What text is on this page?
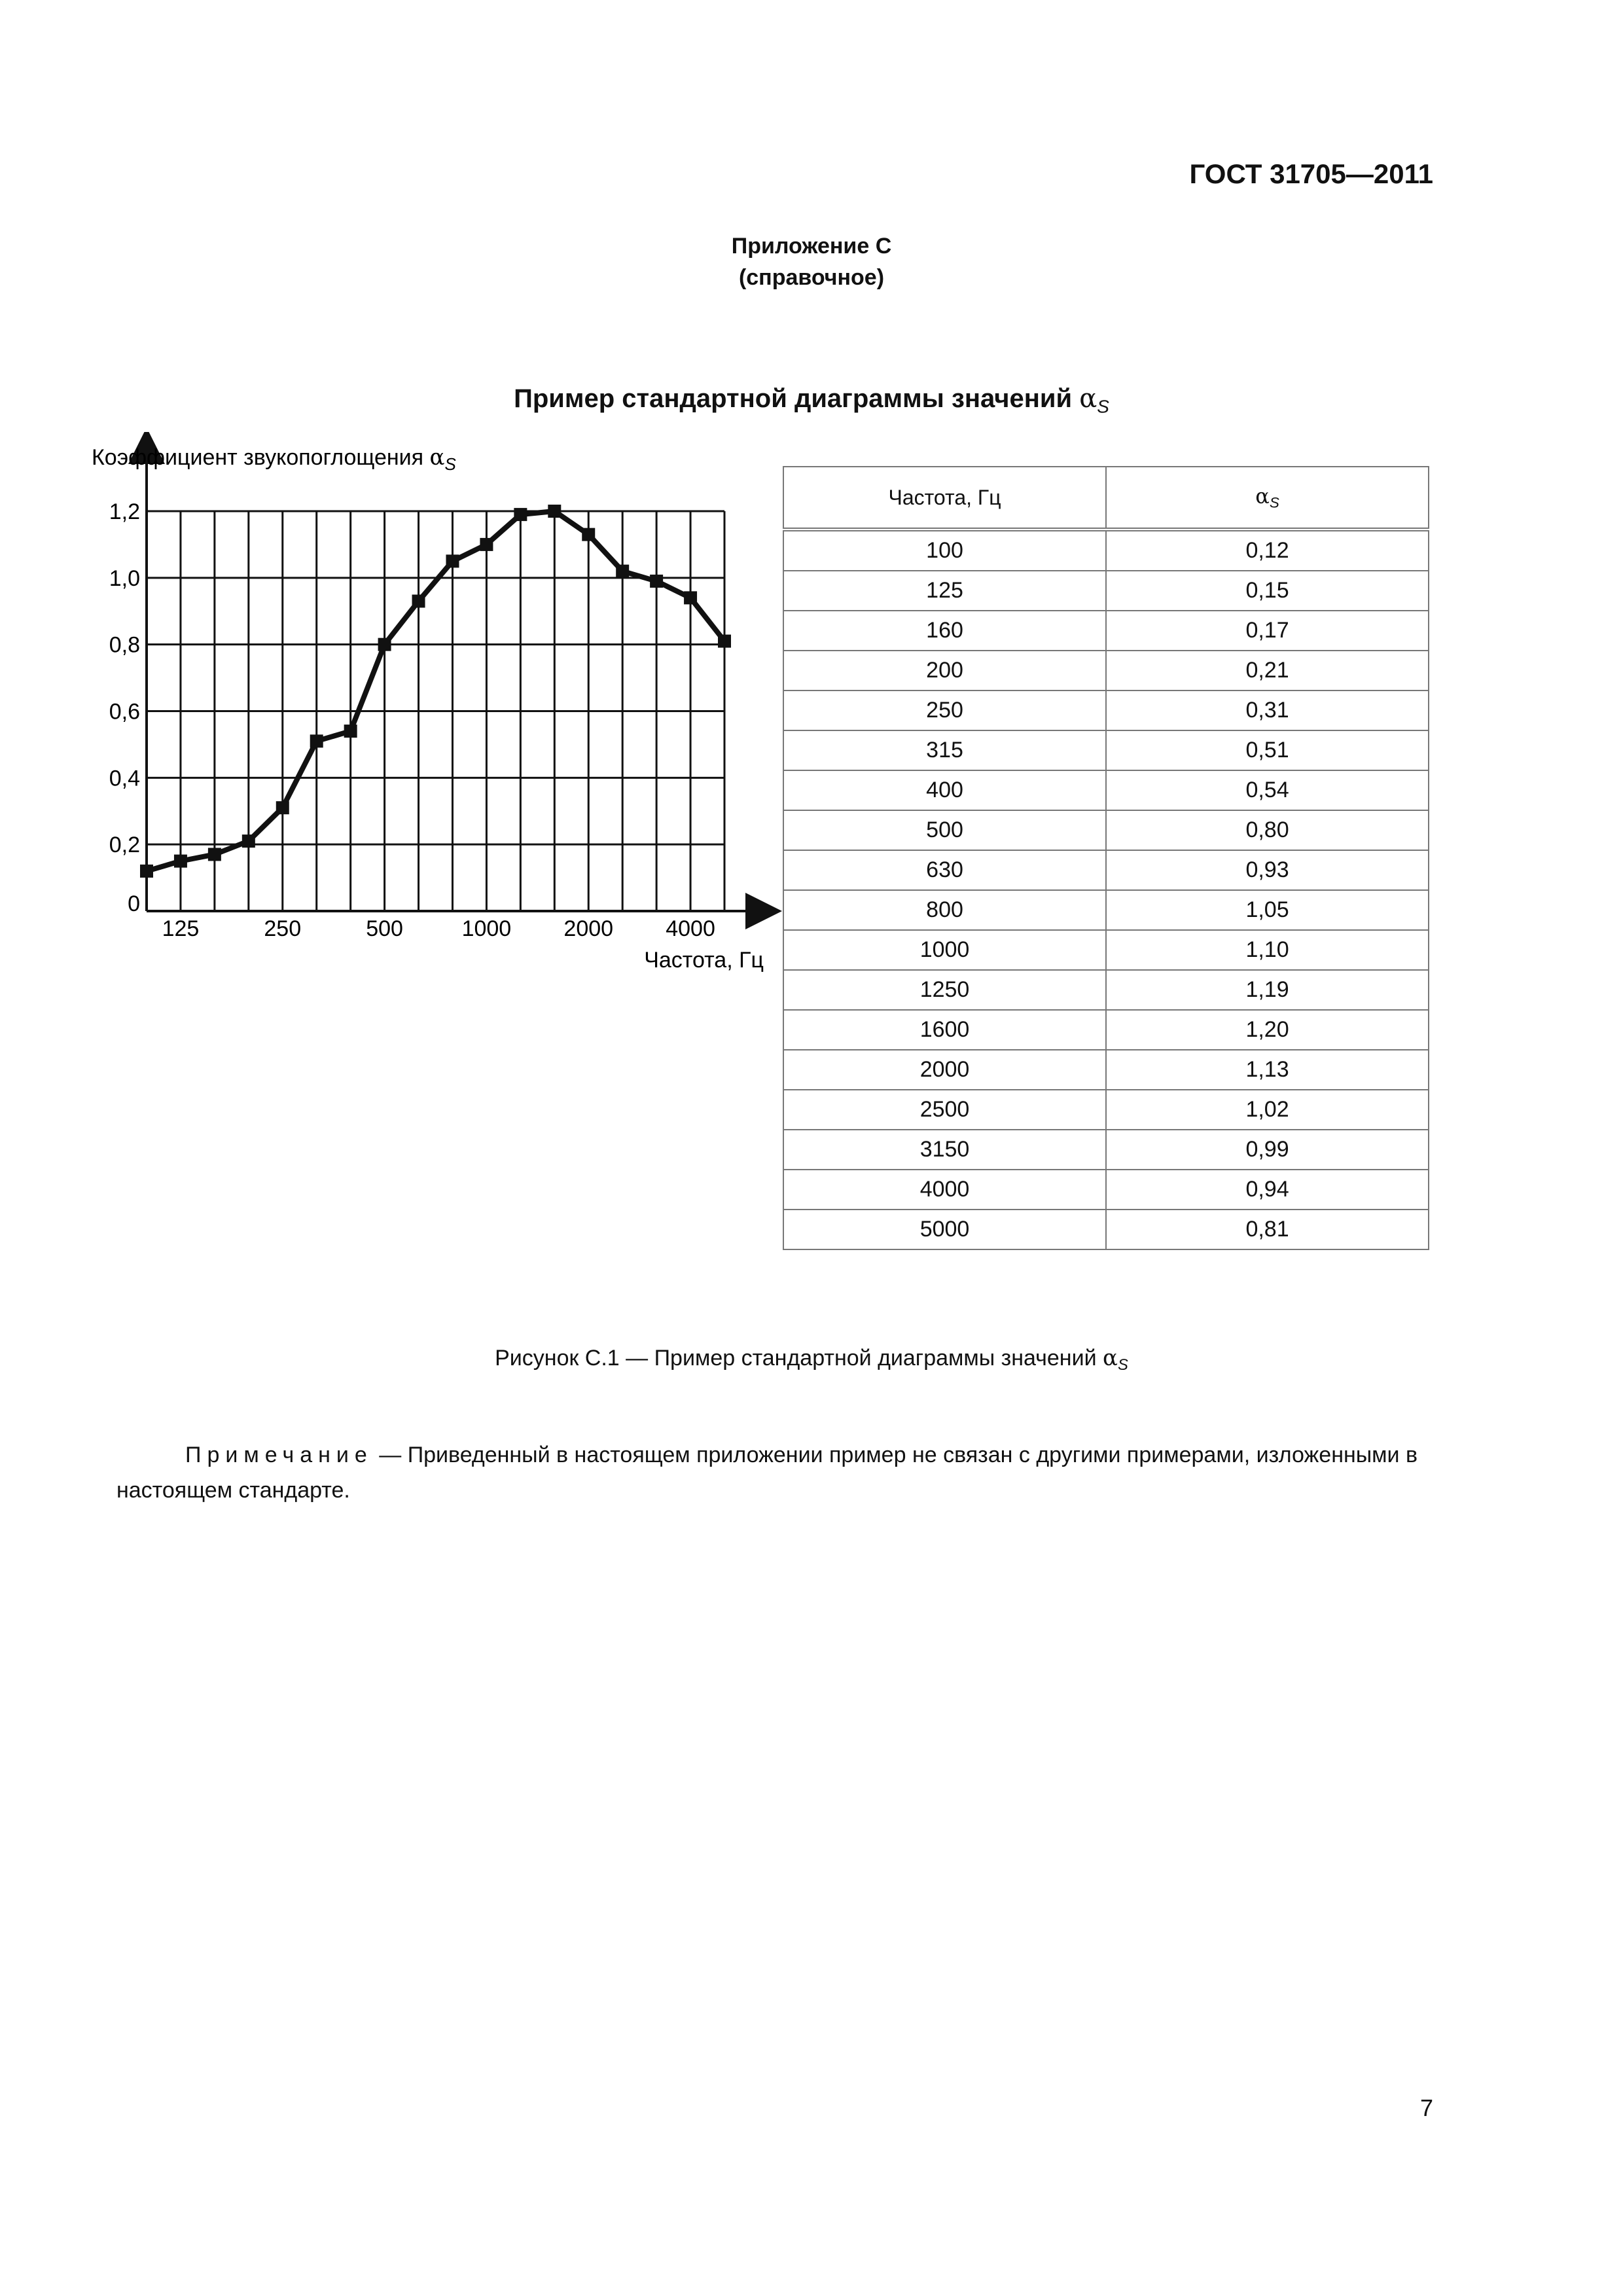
ГОСТ 31705—2011
Приложение С
(справочное)
Пример стандартной диаграммы значений $\alpha_S$
0
0,2
0,4
0,6
0,8
1,0
1,2
125	250	500	1000 2000 4000
Коэффициент звукопоглощения $\alpha_S$
Частота, Гц
Частота, Гц	$\alpha_S$
100	0,12
125	0,15
160	0,17
200	0,21
250	0,31
315	0,51
400	0,54
500	0,80
630	0,93
800	1,05
1000	1,10
1250	1,19
1600	1,20
2000	1,13
2500	1,02
3150	0,99
4000	0,94
5000	0,81
Рисунок С.1 — Пример стандартной диаграммы значений $\alpha_S$
Примечание — Приведенный в настоящем приложении пример не связан с другими примерами, изложенными в настоящем стандарте.
7
